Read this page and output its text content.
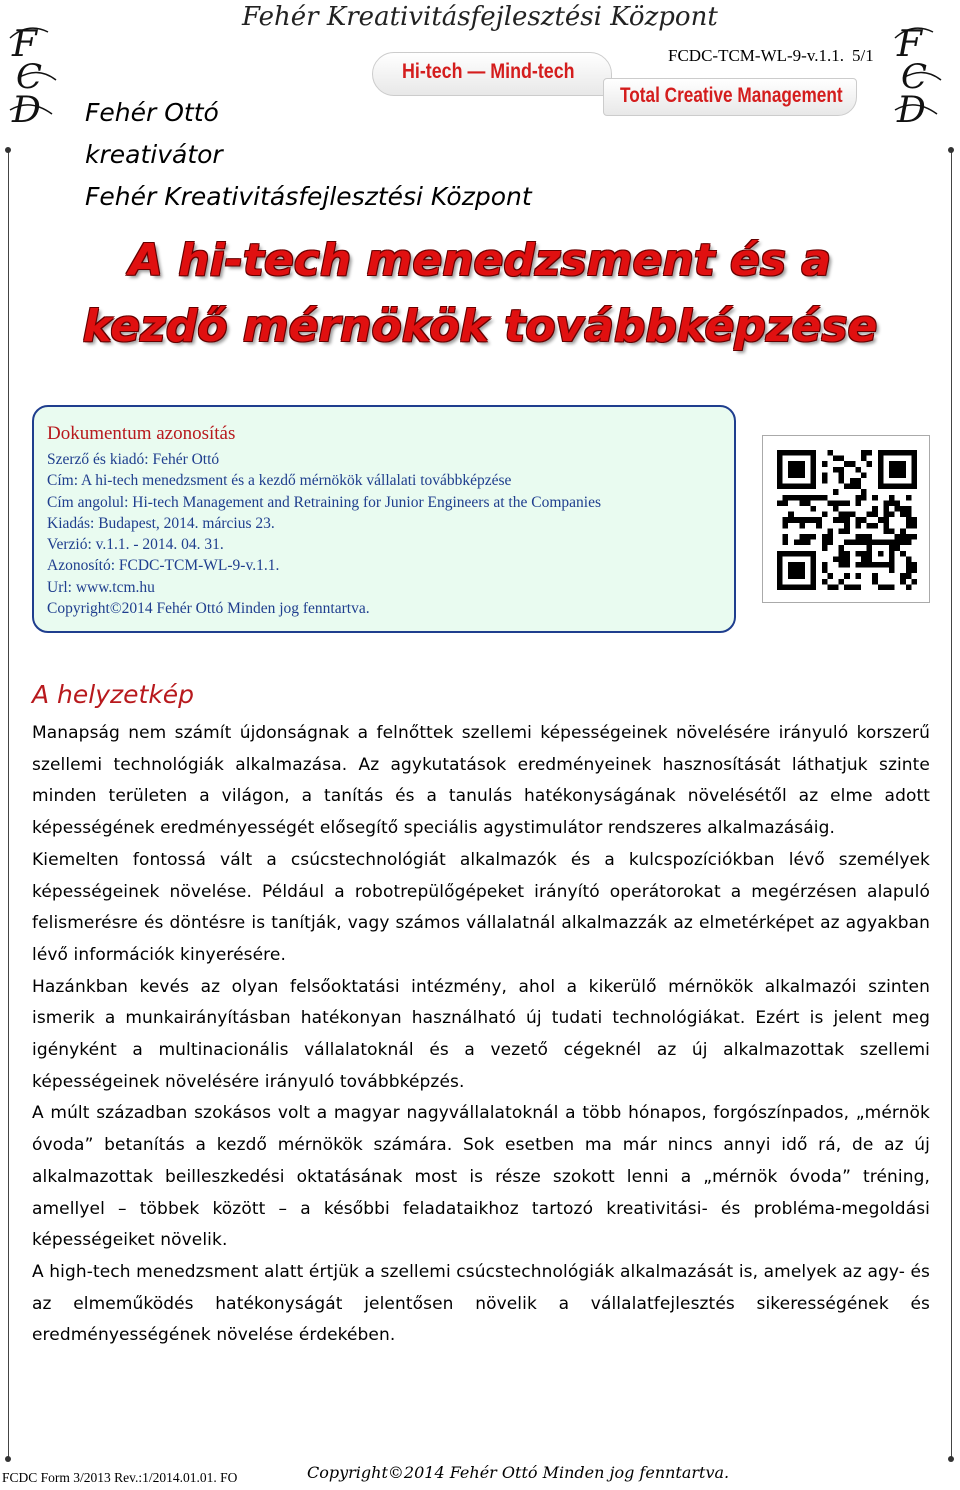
F
C
D
F
C
D
Fehér Kreativitásfejlesztési Központ
Hi-tech — Mind-tech
FCDC-TCM-WL-9-v.1.1. 5/1
Total Creative Management
Fehér Ottó
kreativátor
Fehér Kreativitásfejlesztési Központ
A hi-tech menedzsment és a
kezdő mérnökök továbbképzése
Dokumentum azonosítás
Szerző és kiadó: Fehér Ottó
Cím: A hi-tech menedzsment és a kezdő mérnökök vállalati továbbképzése
Cím angolul: Hi-tech Management and Retraining for Junior Engineers at the Companies
Kiadás: Budapest, 2014. március 23.
Verzió: v.1.1. - 2014. 04. 31.
Azonosító: FCDC-TCM-WL-9-v.1.1.
Url: www.tcm.hu
Copyright©2014 Fehér Ottó Minden jog fenntartva.
A helyzetkép

Manapság nem számít újdonságnak a felnőttek szellemi képességeinek növelésére irányuló korszerű szellemi technológiák alkalmazása. Az agykutatások eredményeinek hasznosítását láthatjuk szinte minden területen a világon, a tanítás és a tanulás hatékonyságának növelésétől az elme adott képességének eredményességét elősegítő speciális agystimulátor rendszeres alkalmazásáig.

Kiemelten fontossá vált a csúcstechnológiát alkalmazók és a kulcspozíciókban lévő személyek képességeinek növelése. Például a robotrepülőgépeket irányító operátorokat a megérzésen alapuló felismerésre és döntésre is tanítják, vagy számos vállalatnál alkalmazzák az elmetérképet az agyakban lévő információk kinyerésére.

Hazánkban kevés az olyan felsőoktatási intézmény, ahol a kikerülő mérnökök alkalmazói szinten ismerik a munkairányításban hatékonyan használható új tudati technológiákat. Ezért is jelent meg igényként a multinacionális vállalatoknál és a vezető cégeknél az új alkalmazottak szellemi képességeinek növelésére irányuló továbbképzés.

A múlt században szokásos volt a magyar nagyvállalatoknál a több hónapos, forgószínpados, „mérnök óvoda” betanítás a kezdő mérnökök számára. Sok esetben ma már nincs annyi idő rá, de az új alkalmazottak beilleszkedési oktatásának most is része szokott lenni a „mérnök óvoda” tréning, amellyel – többek között – a későbbi feladataikhoz tartozó kreativitási- és probléma-megoldási képességeiket növelik.

A high-tech menedzsment alatt értjük a szellemi csúcstechnológiák alkalmazását is, amelyek az agy- és az elmeműködés hatékonyságát jelentősen növelik a vállalatfejlesztés sikerességének és eredményességének növelése érdekében.

FCDC Form 3/2013 Rev.:1/2014.01.01. FO	Copyright©2014 Fehér Ottó Minden jog fenntartva.
